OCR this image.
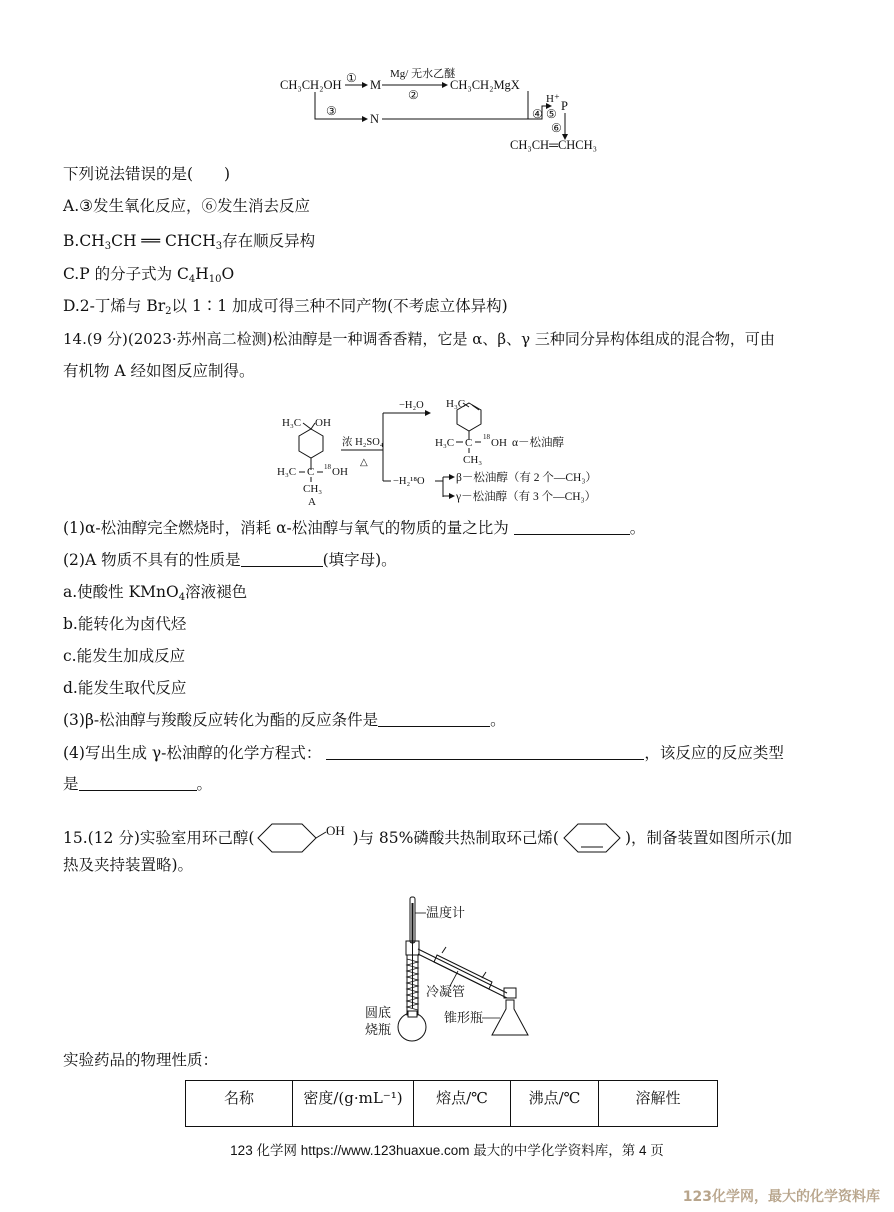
CH₃CH₂OH ① M
Mg/ 无水乙醚
②
CH₃CH₂MgX
③
N	④
H⁺ P
⑤
⑥
CH₃CH═CHCH₃
下列说法错误的是(　　)
A.③发生氧化反应，⑥发生消去反应
$B.CH_3CH$ ══ $CHCH_3$存在顺反异构
C.P 的分子式为 $C_4H_{10}O$
D.2-丁烯与 $Br_2$以 1∶1 加成可得三种不同产物(不考虑立体异构)
14.(9 分)(2023·苏州高二检测)松油醇是一种调香香精，它是 α、β、γ 三种同分异构体组成的混合物，可由
有机物 A 经如图反应制得。
H₃C OH
H₃C C 18 OH
CH₃
A
浓 H₂SO₄
△
−H₂O H₃C
H₃C C 18 OH α－松油醇
CH₃
−H₂¹⁸O	β－松油醇（有 2 个—CH₃）
γ－松油醇（有 3 个—CH₃）
(1)α-松油醇完全燃烧时，消耗 α-松油醇与氧气的物质的量之比为	。
(2)A 物质不具有的性质是	(填字母)。
a.使酸性 KMnO$_4$溶液褪色
b.能转化为卤代烃
c.能发生加成反应
d.能发生取代反应
(3)β-松油醇与羧酸反应转化为酯的反应条件是	。
(4)写出生成 γ-松油醇的化学方程式：	，该反应的反应类型
是	。
15.(12 分)实验室用环己醇(	OH )与 85%磷酸共热制取环己烯(	)，制备装置如图所示(加
热及夹持装置略)。
温度计
冷凝管
圆底
烧瓶
锥形瓶
实验药品的物理性质：
名称	密度/(g·mL⁻¹)	熔点/℃	沸点/℃	溶解性
123 化学网 https://www.123huaxue.com 最大的中学化学资料库，第 4 页
123化学网，最大的化学资料库
